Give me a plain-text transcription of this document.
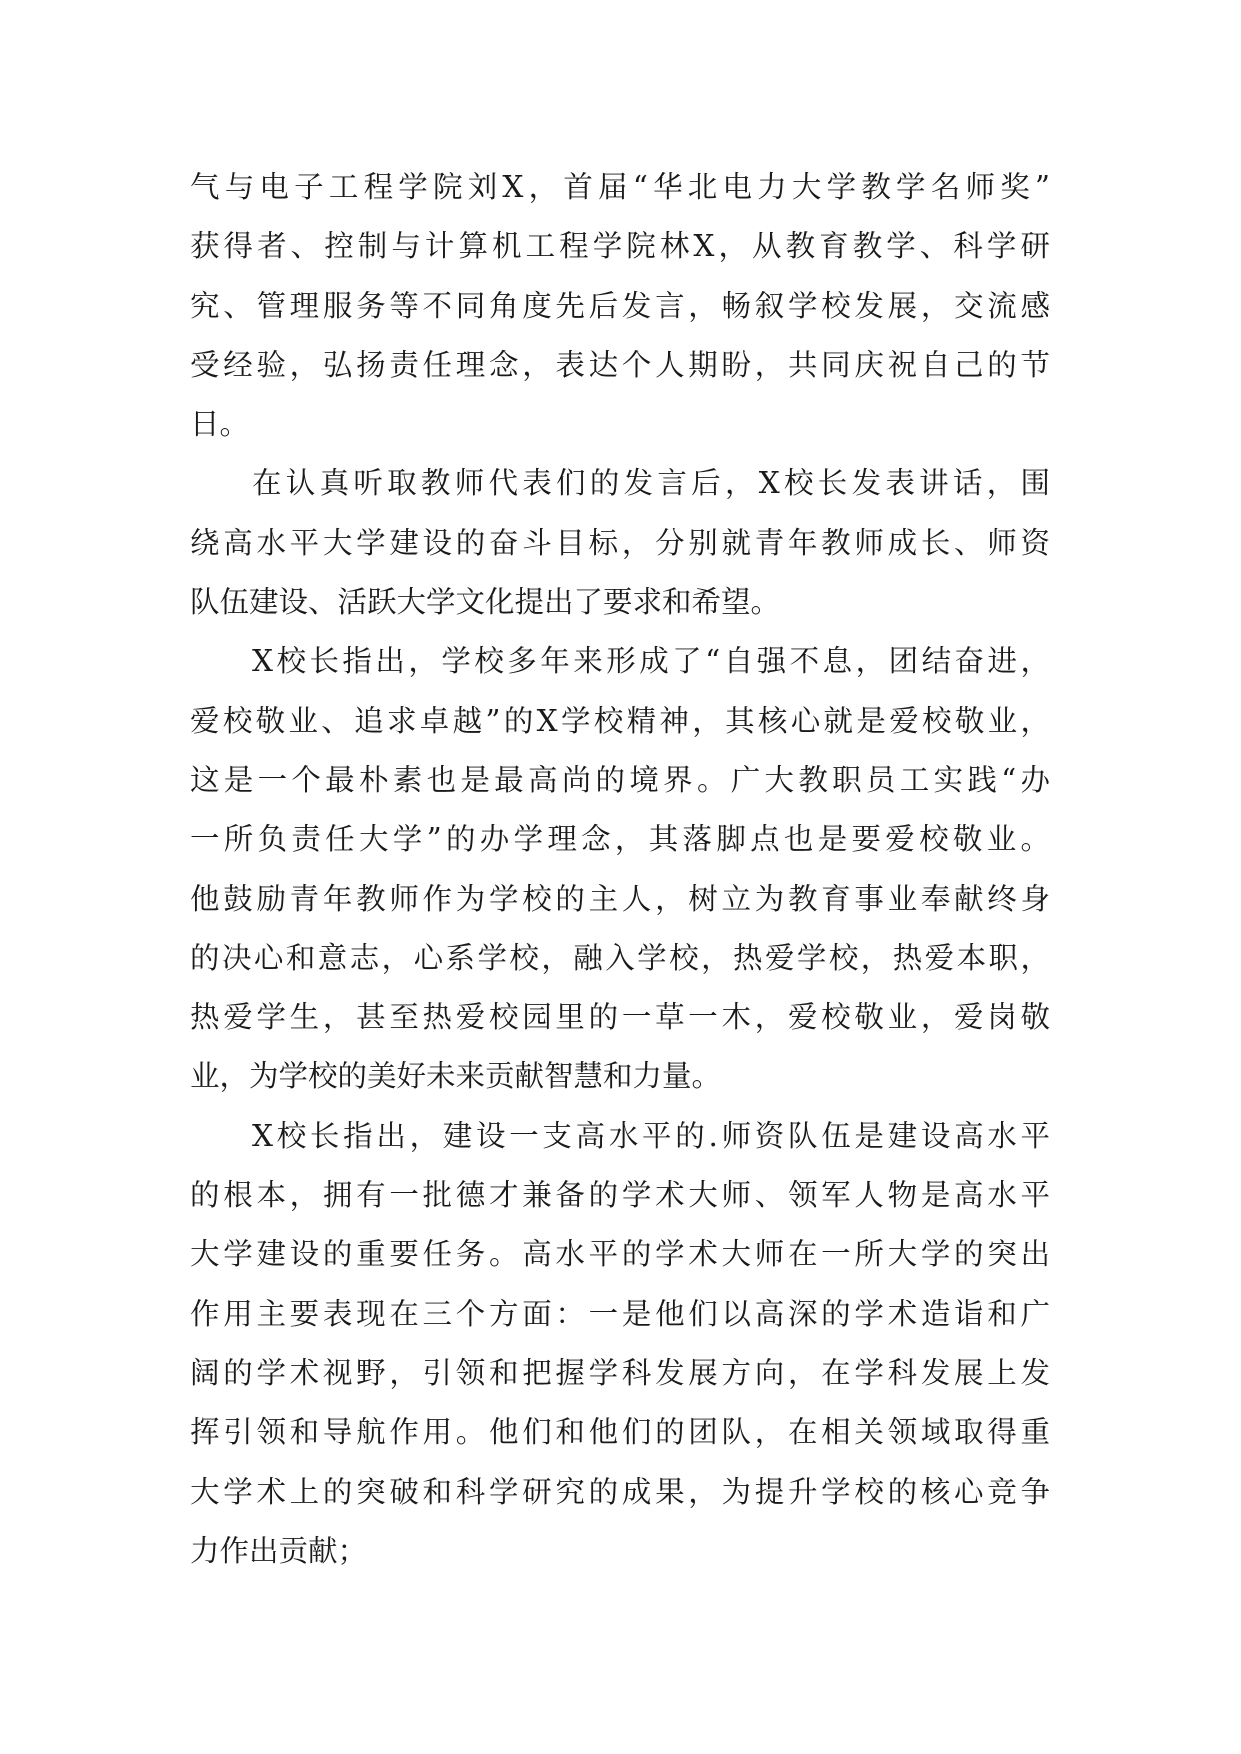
气与电子工程学院刘X，首届“华北电力大学教学名师奖”
获得者、控制与计算机工程学院林X，从教育教学、科学研
究、管理服务等不同角度先后发言，畅叙学校发展，交流感
受经验，弘扬责任理念，表达个人期盼，共同庆祝自己的节
日。
在认真听取教师代表们的发言后，X校长发表讲话，围
绕高水平大学建设的奋斗目标，分别就青年教师成长、师资
队伍建设、活跃大学文化提出了要求和希望。
X校长指出，学校多年来形成了“自强不息，团结奋进，
爱校敬业、追求卓越”的X学校精神，其核心就是爱校敬业，
这是一个最朴素也是最高尚的境界。广大教职员工实践“办
一所负责任大学”的办学理念，其落脚点也是要爱校敬业。
他鼓励青年教师作为学校的主人，树立为教育事业奉献终身
的决心和意志，心系学校，融入学校，热爱学校，热爱本职，
热爱学生，甚至热爱校园里的一草一木，爱校敬业，爱岗敬
业，为学校的美好未来贡献智慧和力量。
X校长指出，建设一支高水平的.师资队伍是建设高水平
的根本，拥有一批德才兼备的学术大师、领军人物是高水平
大学建设的重要任务。高水平的学术大师在一所大学的突出
作用主要表现在三个方面：一是他们以高深的学术造诣和广
阔的学术视野，引领和把握学科发展方向，在学科发展上发
挥引领和导航作用。他们和他们的团队，在相关领域取得重
大学术上的突破和科学研究的成果，为提升学校的核心竞争
力作出贡献；
